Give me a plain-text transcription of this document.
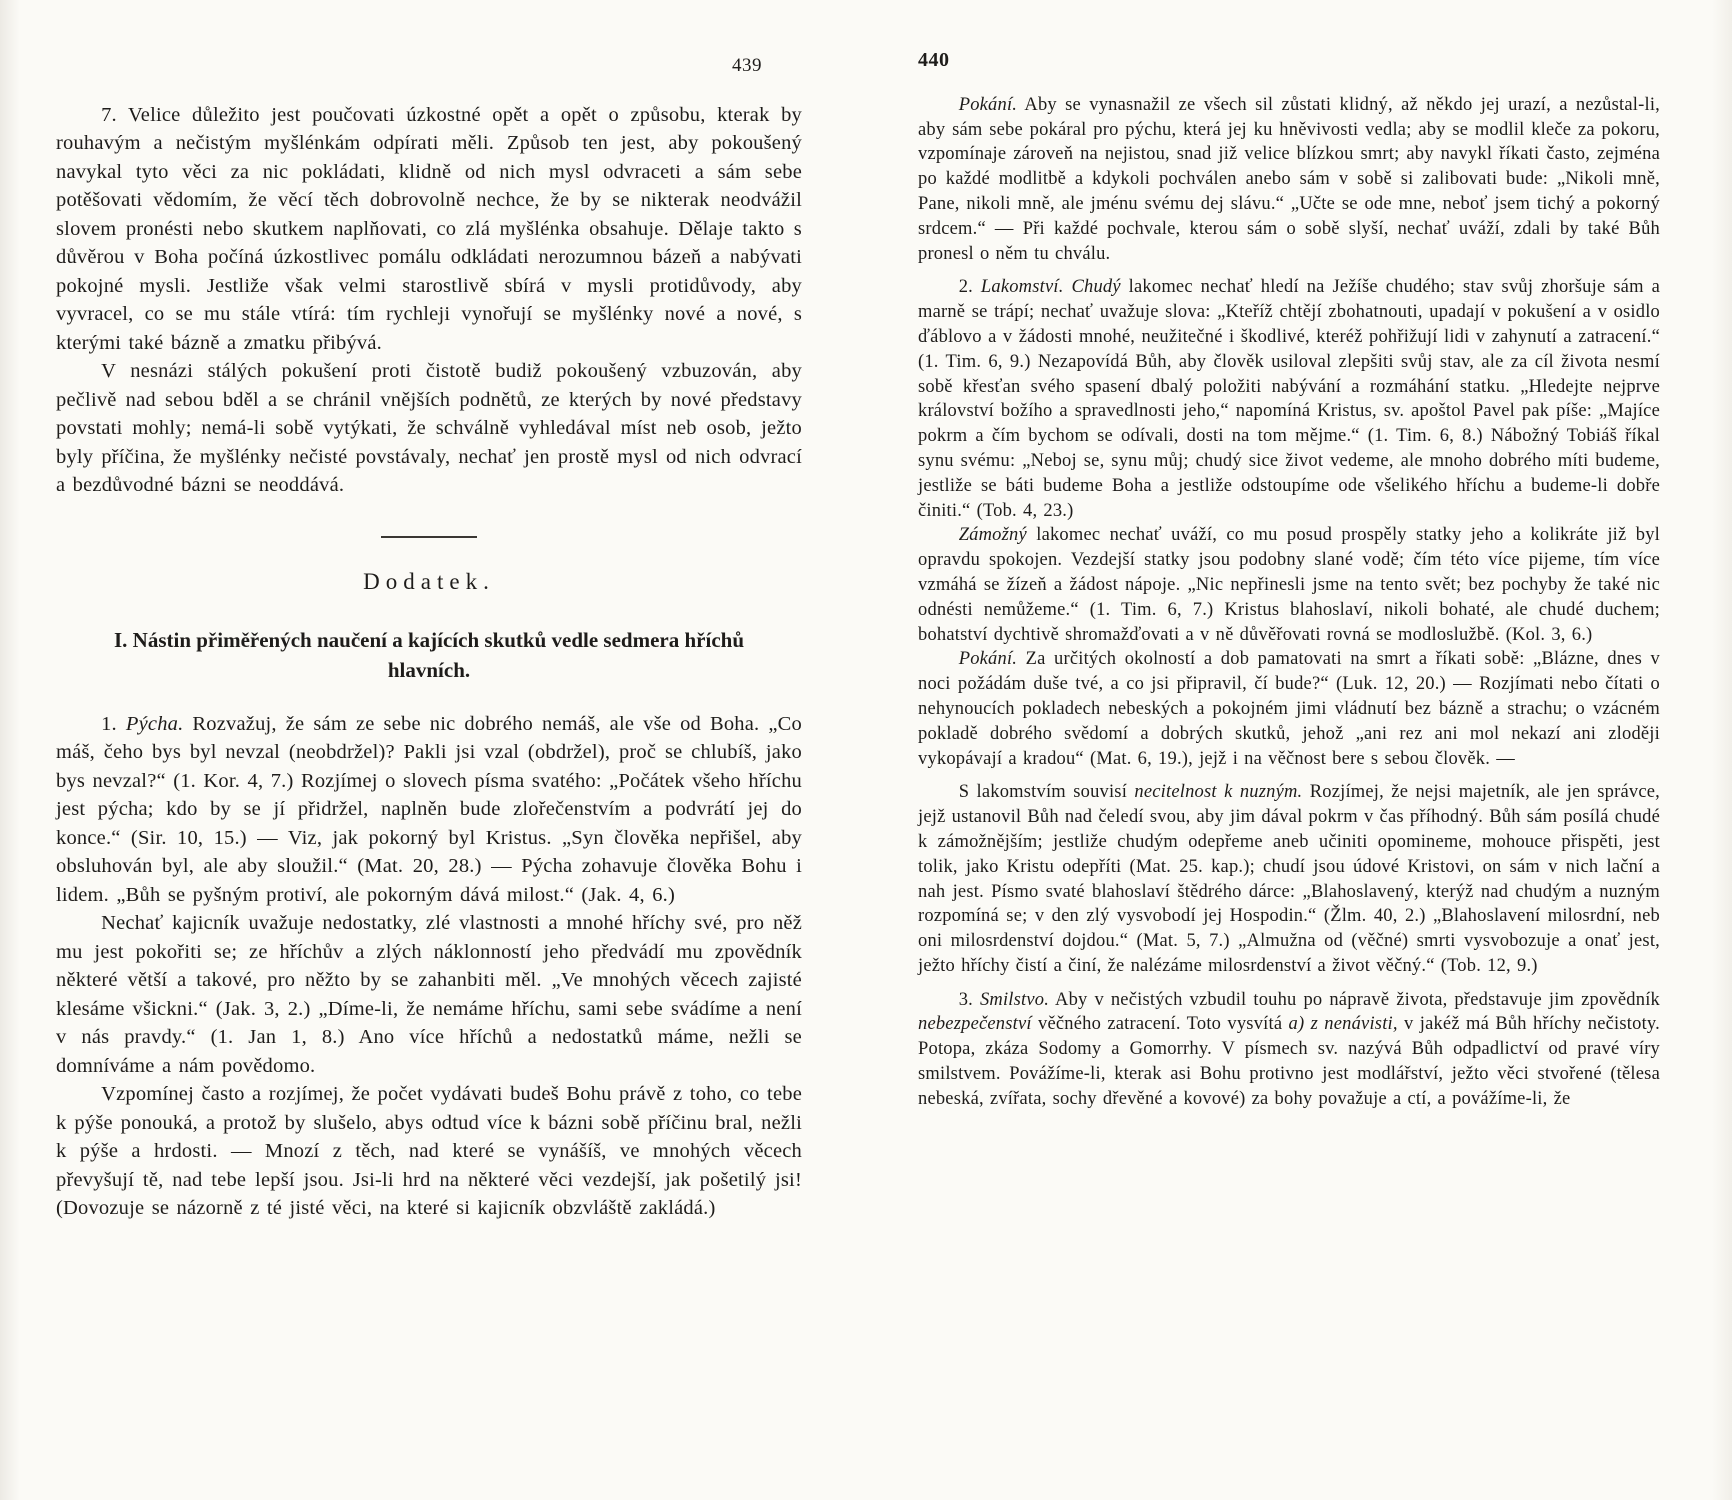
439
7. Velice důležito jest poučovati úzkostné opět a opět o způsobu, kterak by rouhavým a nečistým myšlénkám odpírati měli. Způsob ten jest, aby pokoušený navykal tyto věci za nic pokládati, klidně od nich mysl odvraceti a sám sebe potěšovati vědomím, že věcí těch dobrovolně nechce, že by se nikterak neodvážil slovem pronésti nebo skutkem naplňovati, co zlá myšlénka obsahuje. Dělaje takto s důvěrou v Boha počíná úzkostlivec pomálu odkládati nerozumnou bázeň a nabývati pokojné mysli. Jestliže však velmi starostlivě sbírá v mysli protidůvody, aby vyvracel, co se mu stále vtírá: tím rychleji vynořují se myšlénky nové a nové, s kterými také bázně a zmatku přibývá.
V nesnázi stálých pokušení proti čistotě budiž pokoušený vzbuzován, aby pečlivě nad sebou bděl a se chránil vnějších podnětů, ze kterých by nové představy povstati mohly; nemá-li sobě vytýkati, že schválně vyhledával míst neb osob, ježto byly příčina, že myšlénky nečisté povstávaly, nechať jen prostě mysl od nich odvrací a bezdůvodné bázni se neoddává.
Dodatek.
I. Nástin přiměřených naučení a kajících skutků vedle sedmera hříchů hlavních.
1. Pýcha. Rozvažuj, že sám ze sebe nic dobrého nemáš, ale vše od Boha. „Co máš, čeho bys byl nevzal (neobdržel)? Pakli jsi vzal (obdržel), proč se chlubíš, jako bys nevzal?“ (1. Kor. 4, 7.) Rozjímej o slovech písma svatého: „Počátek všeho hříchu jest pýcha; kdo by se jí přidržel, naplněn bude zlořečenstvím a podvrátí jej do konce.“ (Sir. 10, 15.) — Viz, jak pokorný byl Kristus. „Syn člověka nepřišel, aby obsluhován byl, ale aby sloužil.“ (Mat. 20, 28.) — Pýcha zohavuje člověka Bohu i lidem. „Bůh se pyšným protiví, ale pokorným dává milost.“ (Jak. 4, 6.)
Nechať kajicník uvažuje nedostatky, zlé vlastnosti a mnohé hříchy své, pro něž mu jest pokořiti se; ze hříchův a zlých náklonností jeho předvádí mu zpovědník některé větší a takové, pro něžto by se zahanbiti měl. „Ve mnohých věcech zajisté klesáme všickni.“ (Jak. 3, 2.) „Díme-li, že nemáme hříchu, sami sebe svádíme a není v nás pravdy.“ (1. Jan 1, 8.) Ano více hříchů a nedostatků máme, nežli se domníváme a nám povědomo.
Vzpomínej často a rozjímej, že počet vydávati budeš Bohu právě z toho, co tebe k pýše ponouká, a protož by slušelo, abys odtud více k bázni sobě příčinu bral, nežli k pýše a hrdosti. — Mnozí z těch, nad které se vynášíš, ve mnohých věcech převyšují tě, nad tebe lepší jsou. Jsi-li hrd na některé věci vezdejší, jak pošetilý jsi! (Dovozuje se názorně z té jisté věci, na které si kajicník obzvláště zakládá.)
440
Pokání. Aby se vynasnažil ze všech sil zůstati klidný, až někdo jej urazí, a nezůstal-li, aby sám sebe pokáral pro pýchu, která jej ku hněvivosti vedla; aby se modlil kleče za pokoru, vzpomínaje zároveň na nejistou, snad již velice blízkou smrt; aby navykl říkati často, zejména po každé modlitbě a kdykoli pochválen anebo sám v sobě si zalibovati bude: „Nikoli mně, Pane, nikoli mně, ale jménu svému dej slávu.“ „Učte se ode mne, neboť jsem tichý a pokorný srdcem.“ — Při každé pochvale, kterou sám o sobě slyší, nechať uváží, zdali by také Bůh pronesl o něm tu chválu.
2. Lakomství. Chudý lakomec nechať hledí na Ježíše chudého; stav svůj zhoršuje sám a marně se trápí; nechať uvažuje slova: „Kteříž chtějí zbohatnouti, upadají v pokušení a v osidlo ďáblovo a v žádosti mnohé, neužitečné i škodlivé, kteréž pohřižují lidi v zahynutí a zatracení.“ (1. Tim. 6, 9.) Nezapovídá Bůh, aby člověk usiloval zlepšiti svůj stav, ale za cíl života nesmí sobě křesťan svého spasení dbalý položiti nabývání a rozmáhání statku. „Hledejte nejprve království božího a spravedlnosti jeho,“ napomíná Kristus, sv. apoštol Pavel pak píše: „Majíce pokrm a čím bychom se odívali, dosti na tom mějme.“ (1. Tim. 6, 8.) Nábožný Tobiáš říkal synu svému: „Neboj se, synu můj; chudý sice život vedeme, ale mnoho dobrého míti budeme, jestliže se báti budeme Boha a jestliže odstoupíme ode všelikého hříchu a budeme-li dobře činiti.“ (Tob. 4, 23.)
Zámožný lakomec nechať uváží, co mu posud prospěly statky jeho a kolikráte již byl opravdu spokojen. Vezdejší statky jsou podobny slané vodě; čím této více pijeme, tím více vzmáhá se žízeň a žádost nápoje. „Nic nepřinesli jsme na tento svět; bez pochyby že také nic odnésti nemůžeme.“ (1. Tim. 6, 7.) Kristus blahoslaví, nikoli bohaté, ale chudé duchem; bohatství dychtivě shromažďovati a v ně důvěřovati rovná se modloslužbě. (Kol. 3, 6.)
Pokání. Za určitých okolností a dob pamatovati na smrt a říkati sobě: „Blázne, dnes v noci požádám duše tvé, a co jsi připravil, čí bude?“ (Luk. 12, 20.) — Rozjímati nebo čítati o nehynoucích pokladech nebeských a pokojném jimi vládnutí bez bázně a strachu; o vzácném pokladě dobrého svědomí a dobrých skutků, jehož „ani rez ani mol nekazí ani zloději vykopávají a kradou“ (Mat. 6, 19.), jejž i na věčnost bere s sebou člověk. —
S lakomstvím souvisí necitelnost k nuzným. Rozjímej, že nejsi majetník, ale jen správce, jejž ustanovil Bůh nad čeledí svou, aby jim dával pokrm v čas příhodný. Bůh sám posílá chudé k zámožnějším; jestliže chudým odepřeme aneb učiniti opomineme, mohouce přispěti, jest tolik, jako Kristu odepříti (Mat. 25. kap.); chudí jsou údové Kristovi, on sám v nich lační a nah jest. Písmo svaté blahoslaví štědrého dárce: „Blahoslavený, kterýž nad chudým a nuzným rozpomíná se; v den zlý vysvobodí jej Hospodin.“ (Žlm. 40, 2.) „Blahoslavení milosrdní, neb oni milosrdenství dojdou.“ (Mat. 5, 7.) „Almužna od (věčné) smrti vysvobozuje a onať jest, ježto hříchy čistí a činí, že nalézáme milosrdenství a život věčný.“ (Tob. 12, 9.)
3. Smilstvo. Aby v nečistých vzbudil touhu po nápravě života, představuje jim zpovědník nebezpečenství věčného zatracení. Toto vysvítá a) z nenávisti, v jakéž má Bůh hříchy nečistoty. Potopa, zkáza Sodomy a Gomorrhy. V písmech sv. nazývá Bůh odpadlictví od pravé víry smilstvem. Povážíme-li, kterak asi Bohu protivno jest modlářství, ježto věci stvořené (tělesa nebeská, zvířata, sochy dřevěné a kovové) za bohy považuje a ctí, a povážíme-li, že
